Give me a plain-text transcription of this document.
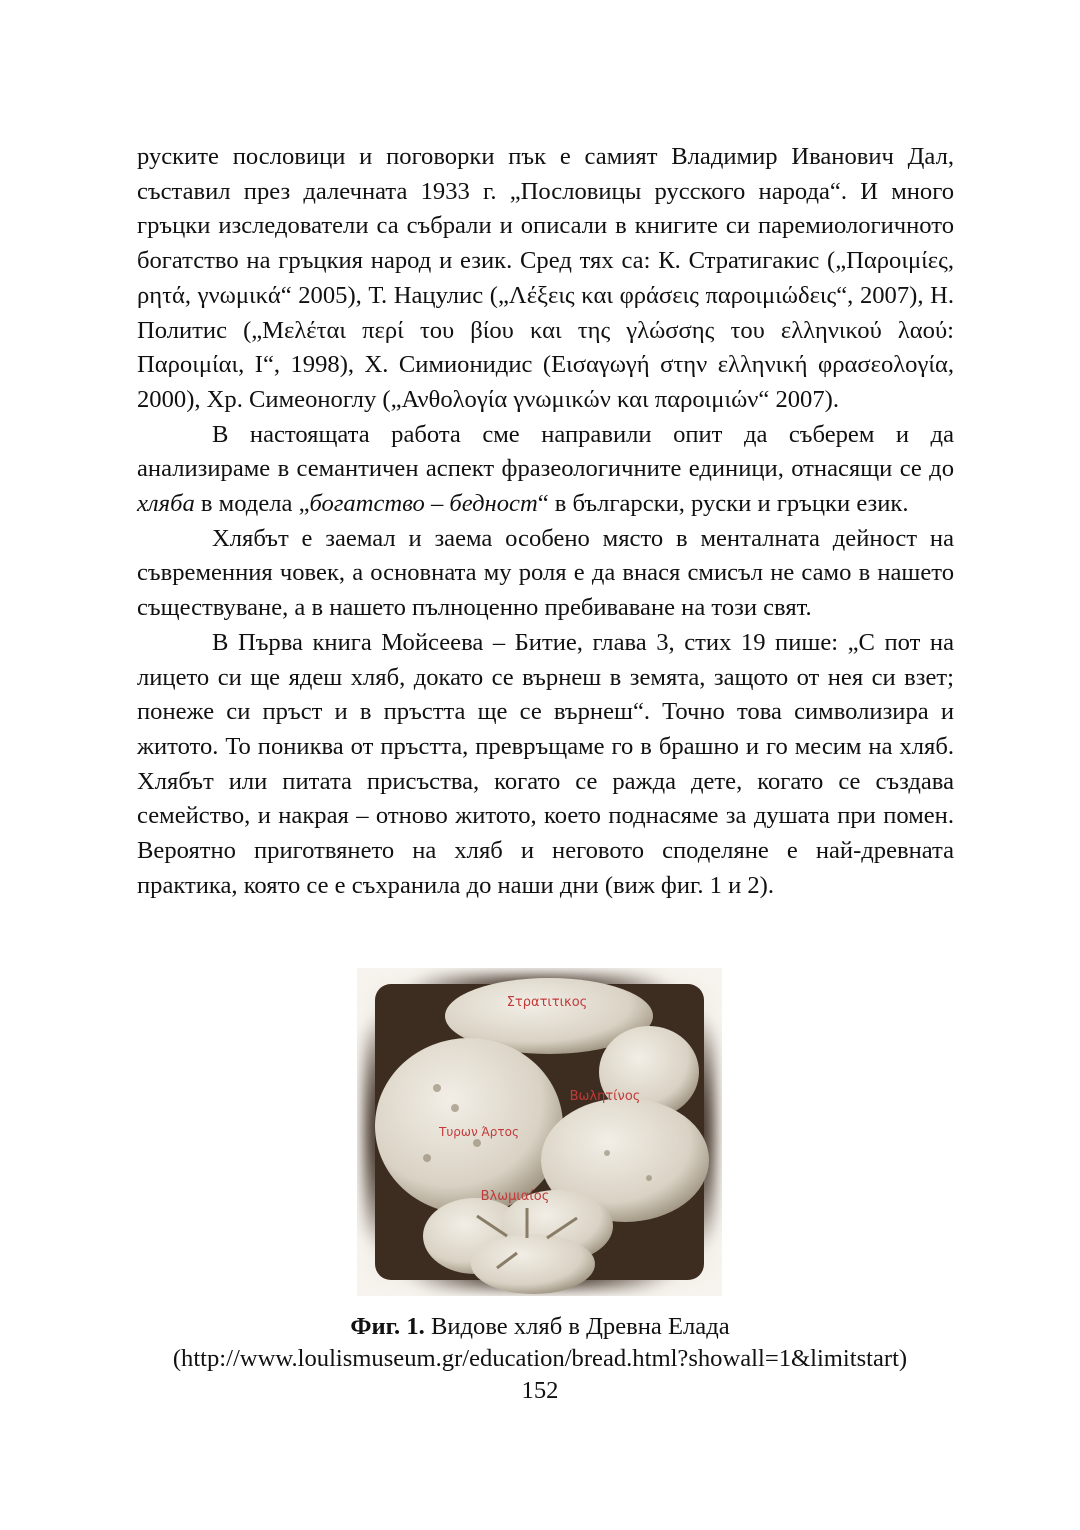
руските пословици и поговорки пък е самият Владимир Иванович Дал, съставил през далечната 1933 г. „Пословицы русского народа“. И много гръцки изследователи са събрали и описали в книгите си паремиологичното богатство на гръцкия народ и език. Сред тях са: К. Стратигакис („Παροιμίες, ρητά, γνωμικά“ 2005), Т. Нацулис („Λέξεις και φράσεις παροιμιώδεις“, 2007), Н. Политис („Μελέται περί του βίου και της γλώσσης του ελληνικού λαού: Παροιμίαι, I“, 1998), Х. Симионидис (Εισαγωγή στην ελληνική φρασεολογία, 2000), Хр. Симеоноглу („Ανθολογία γνωμικών και παροιμιών“ 2007).

В настоящата работа сме направили опит да съберем и да анализираме в семантичен аспект фразеологичните единици, отнасящи се до хляба в модела „богатство – бедност“ в български, руски и гръцки език.

Хлябът е заемал и заема особено място в менталната дейност на съвременния човек, а основната му роля е да внася смисъл не само в нашето съществуване, а в нашето пълноценно пребиваване на този свят.

В Първа книга Мойсеева – Битие, глава 3, стих 19 пише: „С пот на лицето си ще ядеш хляб, докато се върнеш в земята, защото от нея си взет; понеже си пръст и в пръстта ще се върнеш“. Точно това символизира и житото. То пониква от пръстта, превръщаме го в брашно и го месим на хляб. Хлябът или питата присъства, когато се ражда дете, когато се създава семейство, и накрая – отново житото, което поднасяме за душата при помен. Вероятно приготвянето на хляб и неговото споделяне е най-древната практика, която се е съхранила до наши дни (виж фиг. 1 и 2).

Στρατιτικος
Βωλητίνος
Τυρων Άρτος
Βλωμιαίος
Фиг. 1. Видове хляб в Древна Елада
(http://www.loulismuseum.gr/education/bread.html?showall=1&limitstart)
152
